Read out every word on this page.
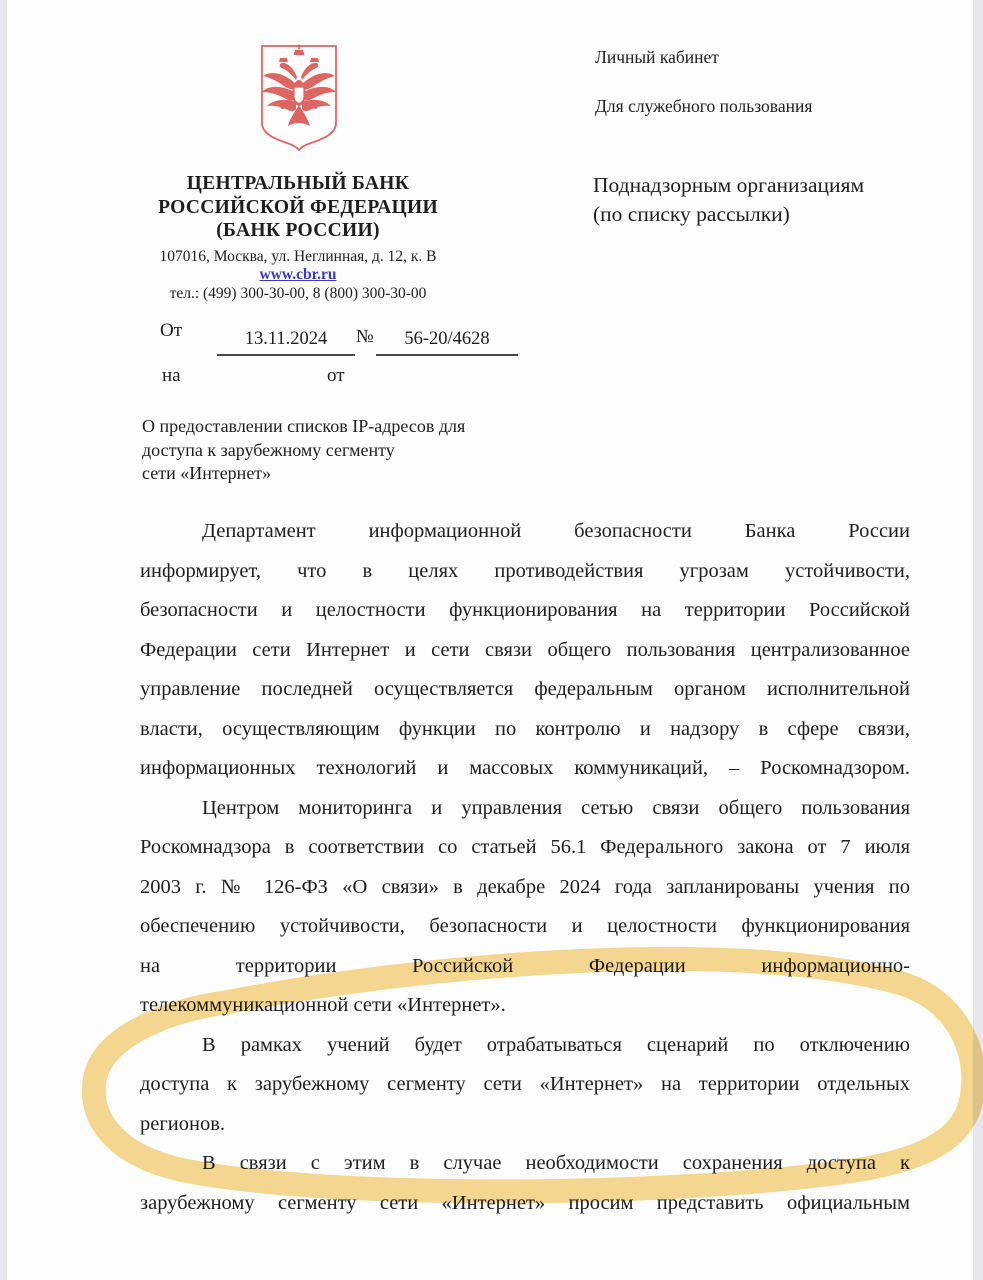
ЦЕНТРАЛЬНЫЙ БАНК
РОССИЙСКОЙ ФЕДЕРАЦИИ
(БАНК РОССИИ)
107016, Москва, ул. Неглинная, д. 12, к. В
www.cbr.ru
тел.: (499) 300-30-00, 8 (800) 300-30-00
От	13.11.2024	№	56-20/4628
на	от
О предоставлении списков IP-адресов для
доступа к зарубежному сегменту
сети «Интернет»
Личный кабинет
Для служебного пользования
Поднадзорным организациям
(по списку рассылки)
Департамент информационной безопасности Банка России
информирует, что в целях противодействия угрозам устойчивости,
безопасности и целостности функционирования на территории Российской
Федерации сети Интернет и сети связи общего пользования централизованное
управление последней осуществляется федеральным органом исполнительной
власти, осуществляющим функции по контролю и надзору в сфере связи,
информационных технологий и массовых коммуникаций, – Роскомнадзором.
Центром мониторинга и управления сетью связи общего пользования
Роскомнадзора в соответствии со статьей 56.1 Федерального закона от 7 июля
2003 г. № 126-ФЗ «О связи» в декабре 2024 года запланированы учения по
обеспечению устойчивости, безопасности и целостности функционирования
на территории Российской Федерации информационно-
телекоммуникационной сети «Интернет».
В рамках учений будет отрабатываться сценарий по отключению
доступа к зарубежному сегменту сети «Интернет» на территории отдельных
регионов.
В связи с этим в случае необходимости сохранения доступа к
зарубежному сегменту сети «Интернет» просим представить официальным
